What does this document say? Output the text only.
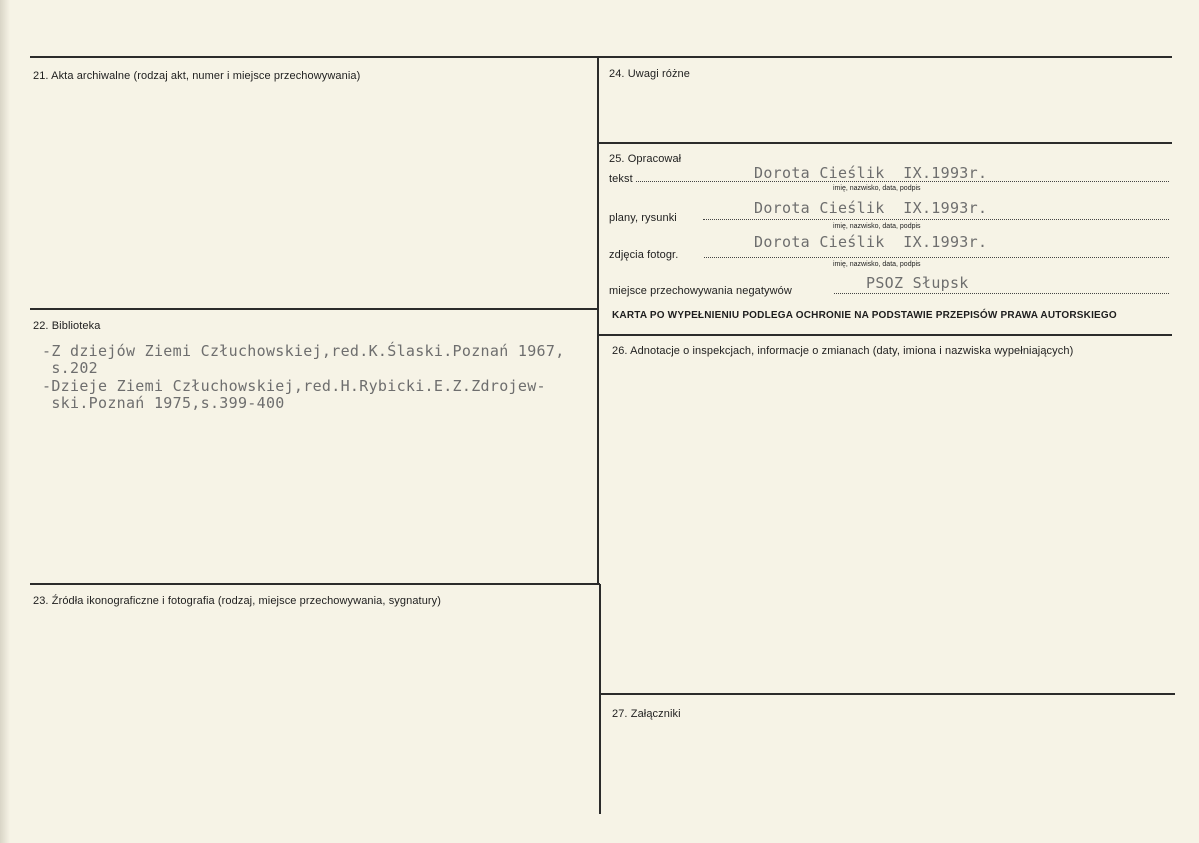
21. Akta archiwalne (rodzaj akt, numer i miejsce przechowywania)
22. Biblioteka
23. Źródła ikonograficzne i fotografia (rodzaj, miejsce przechowywania, sygnatury)
24. Uwagi różne
25. Opracował
26. Adnotacje o inspekcjach, informacje o zmianach (daty, imiona i nazwiska wypełniających)
27. Załączniki
-Z dziejów Ziemi Człuchowskiej,red.K.Ślaski.Poznań 1967,
s.202
-Dzieje Ziemi Człuchowskiej,red.H.Rybicki.E.Z.Zdrojew-
ski.Poznań 1975,s.399-400
tekst	Dorota Cieślik  IX.1993r.
imię, nazwisko, data, podpis
plany, rysunki
Dorota Cieślik  IX.1993r.
imię, nazwisko, data, podpis
zdjęcia fotogr.
Dorota Cieślik  IX.1993r.
imię, nazwisko, data, podpis
miejsce przechowywania negatywów	PSOZ Słupsk
KARTA PO WYPEŁNIENIU PODLEGA OCHRONIE NA PODSTAWIE PRZEPISÓW PRAWA AUTORSKIEGO
